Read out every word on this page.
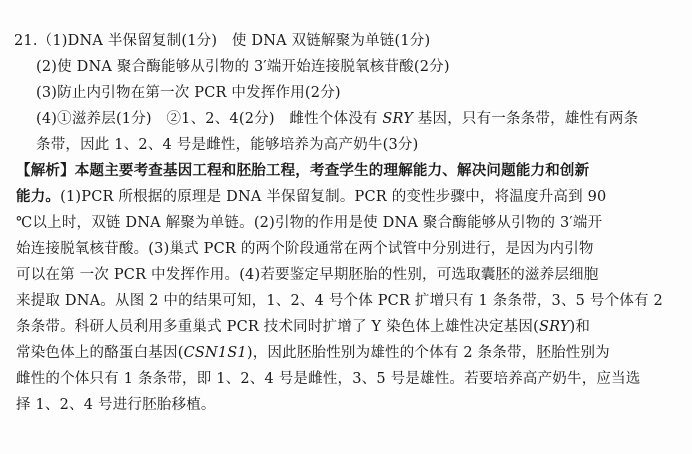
21.（1)DNA 半保留复制(1分)　使 DNA 双链解聚为单链(1分)
(2)使 DNA 聚合酶能够从引物的 3′端开始连接脱氧核苷酸(2分)
(3)防止内引物在第一次 PCR 中发挥作用(2分)
(4)①滋养层(1分)　②1、2、4(2分)　雌性个体没有 SRY 基因，只有一条条带，雄性有两条
条带，因此 1、2、4 号是雌性，能够培养为高产奶牛(3分)
【解析】本题主要考查基因工程和胚胎工程，考查学生的理解能力、解决问题能力和创新
能力。(1)PCR 所根据的原理是 DNA 半保留复制。PCR 的变性步骤中，将温度升高到 90
℃以上时，双链 DNA 解聚为单链。(2)引物的作用是使 DNA 聚合酶能够从引物的 3′端开
始连接脱氧核苷酸。(3)巢式 PCR 的两个阶段通常在两个试管中分别进行，是因为内引物
可以在第 一次 PCR 中发挥作用。(4)若要鉴定早期胚胎的性别，可选取囊胚的滋养层细胞
来提取 DNA。从图 2 中的结果可知，1、2、4 号个体 PCR 扩增只有 1 条条带，3、5 号个体有 2
条条带。科研人员利用多重巢式 PCR 技术同时扩增了 Y 染色体上雄性决定基因(SRY)和
常染色体上的酪蛋白基因(CSN1S1)，因此胚胎性别为雄性的个体有 2 条条带，胚胎性别为
雌性的个体只有 1 条条带，即 1、2、4 号是雌性，3、5 号是雄性。若要培养高产奶牛，应当选
择 1、2、4 号进行胚胎移植。
